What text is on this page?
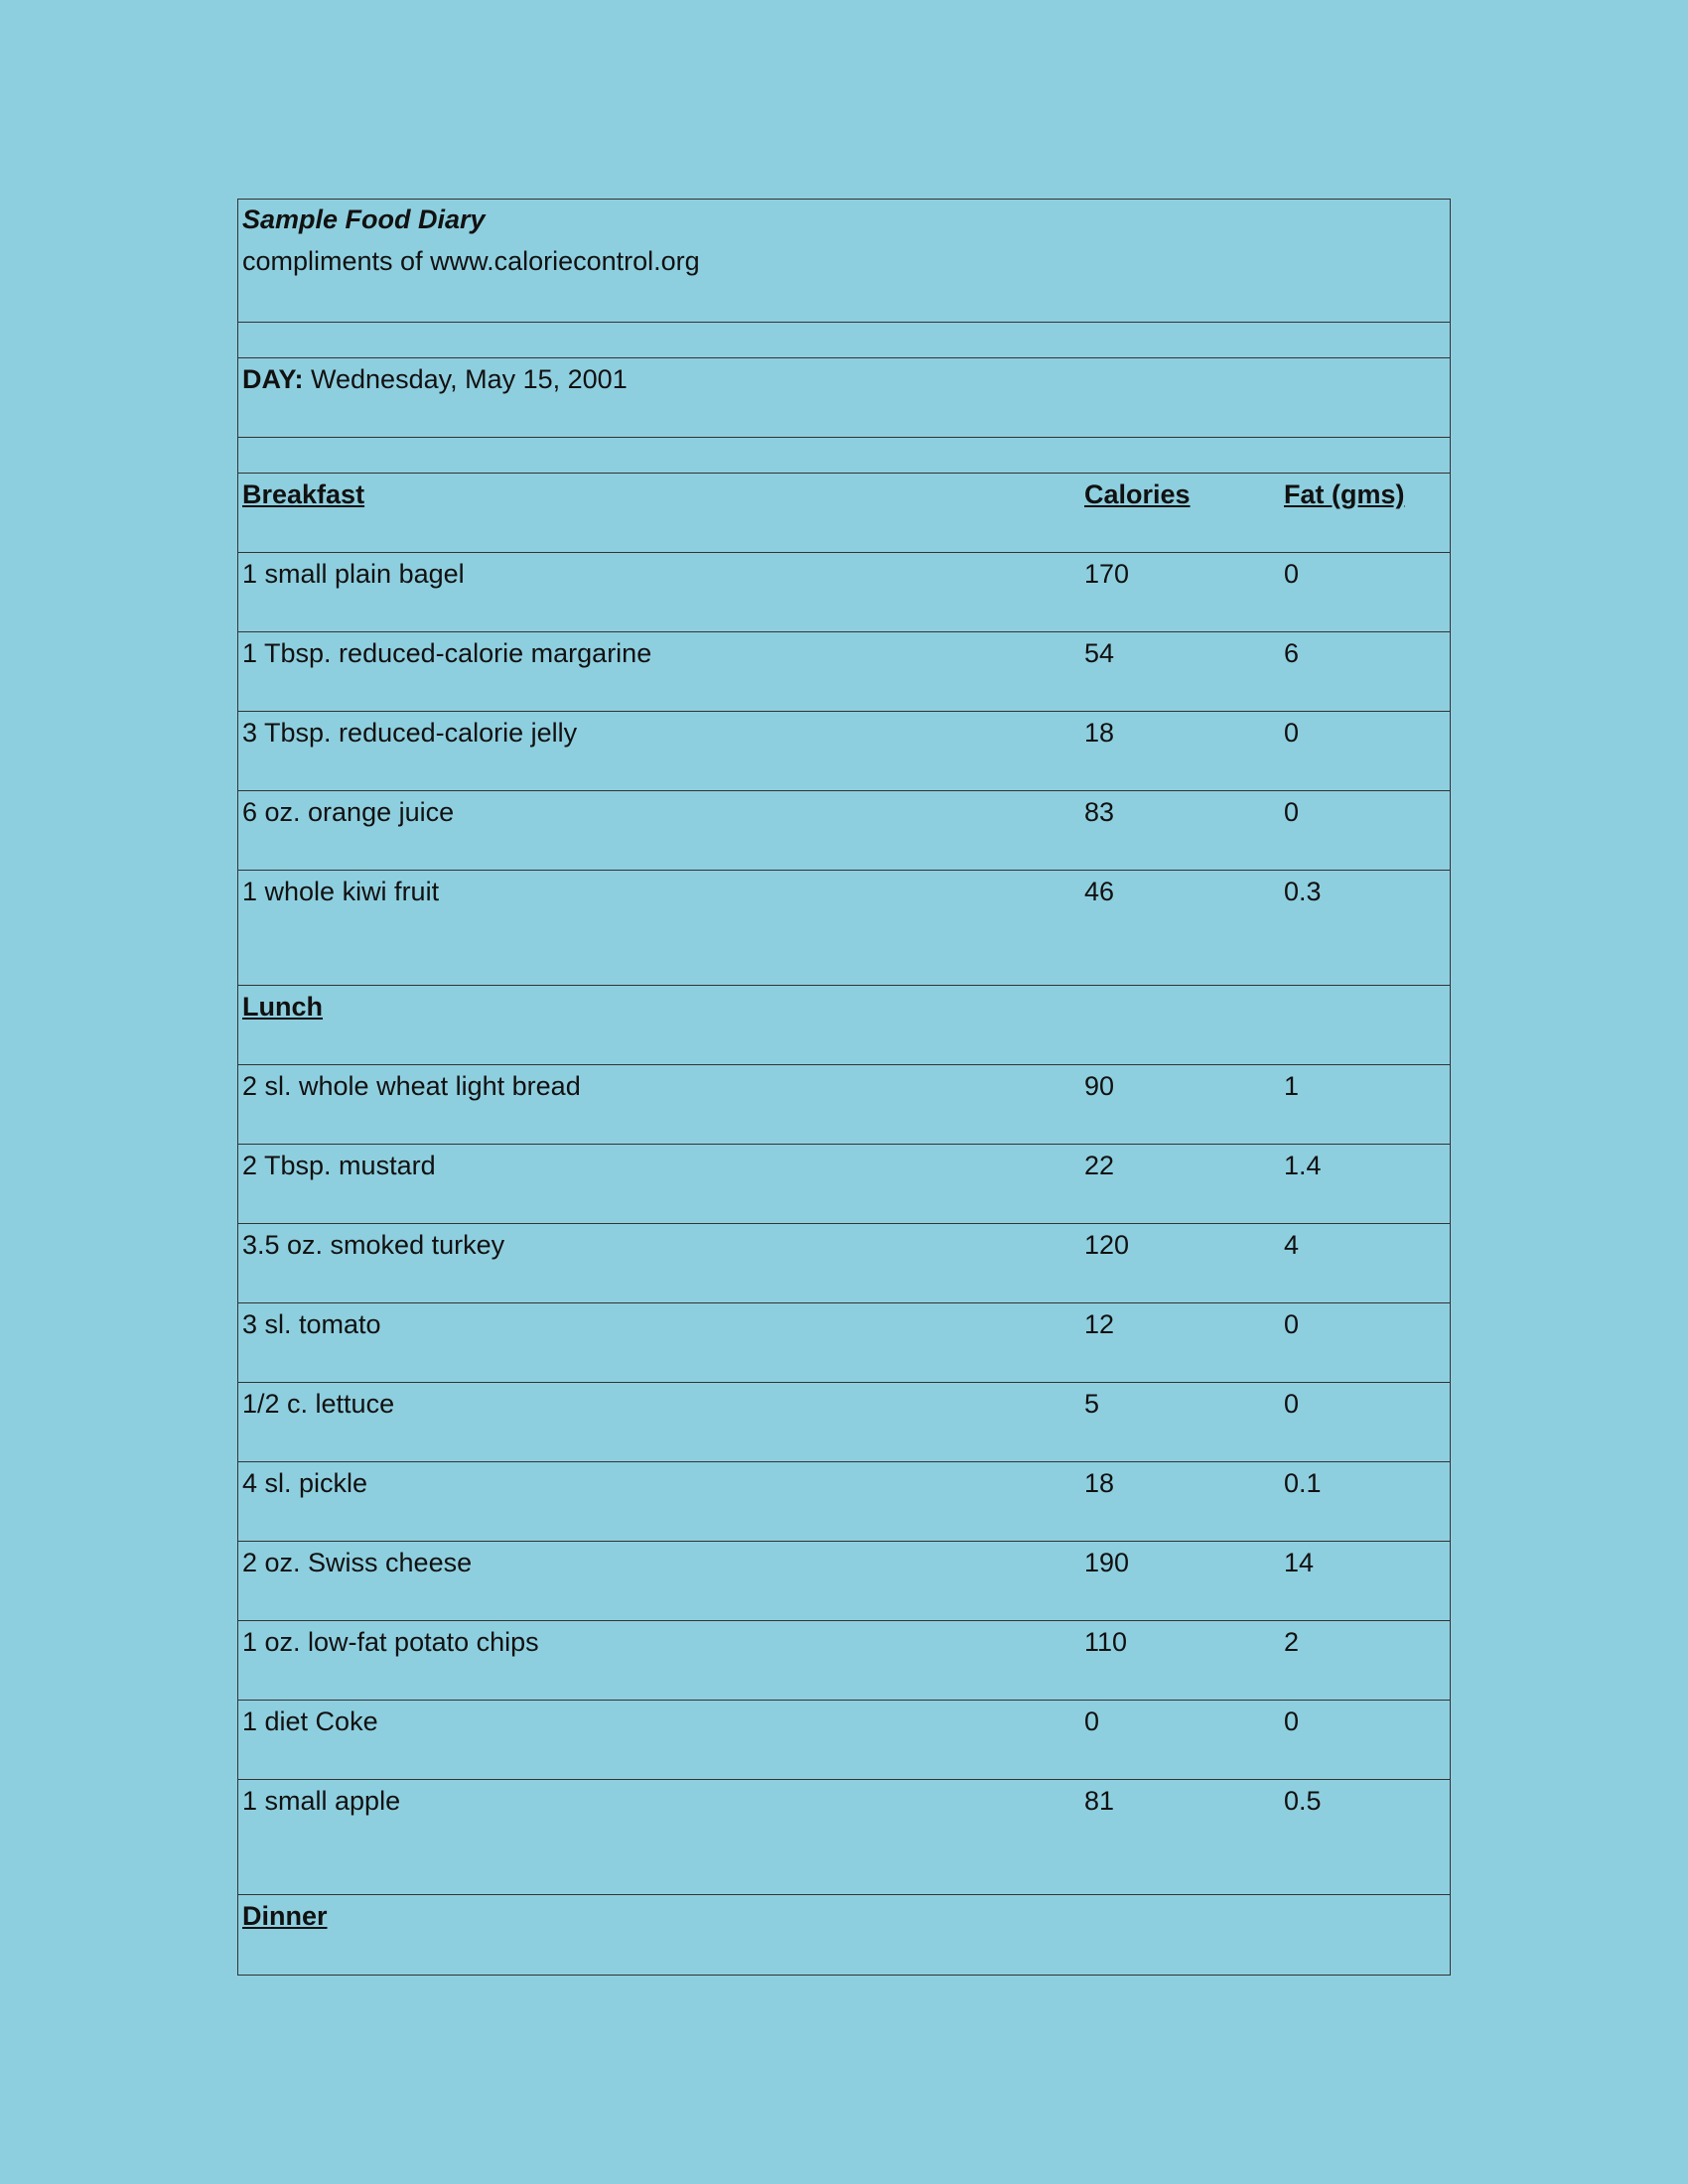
Sample Food Diary
compliments of www.caloriecontrol.org
DAY: Wednesday, May 15, 2001
Breakfast	Calories	Fat (gms)
1 small plain bagel	170	0
1 Tbsp. reduced-calorie margarine	54	6
3 Tbsp. reduced-calorie jelly	18	0
6 oz. orange juice	83	0
1 whole kiwi fruit	46	0.3
Lunch
2 sl. whole wheat light bread	90	1
2 Tbsp. mustard	22	1.4
3.5 oz. smoked turkey	120	4
3 sl. tomato	12	0
1/2 c. lettuce	5	0
4 sl. pickle	18	0.1
2 oz. Swiss cheese	190	14
1 oz. low-fat potato chips	110	2
1 diet Coke	0	0
1 small apple	81	0.5
Dinner
